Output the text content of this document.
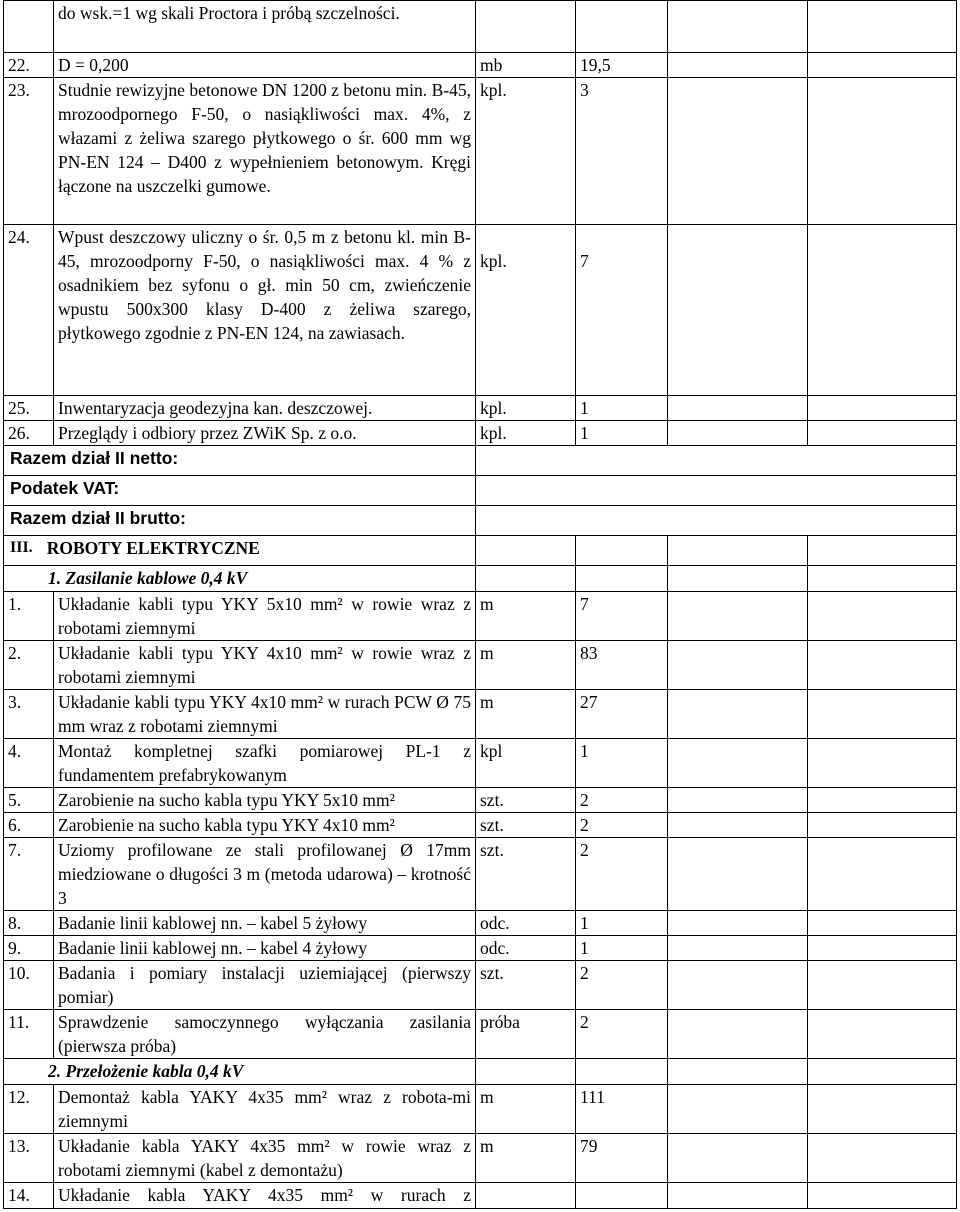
	do wsk.=1 wg skali Proctora i próbą szczelności.				
22.	D = 0,200	mb	19,5		
23.	Studnie rewizyjne betonowe DN 1200 z betonu min. B-45, mrozoodpornego F-50, o nasiąkliwości max. 4%, z włazami z żeliwa szarego płytkowego o śr. 600 mm wg PN-EN 124 – D400 z wypełnieniem betonowym. Kręgi łączone na uszczelki gumowe.	kpl.	3		
24.	Wpust deszczowy uliczny o śr. 0,5 m z betonu kl. min B-45, mrozoodporny F-50, o nasiąkliwości max. 4 % z osadnikiem bez syfonu o gł. min 50 cm, zwieńczenie wpustu 500x300 klasy D-400 z żeliwa szarego, płytkowego zgodnie z PN-EN 124, na zawiasach.	kpl.	7		
25.	Inwentaryzacja geodezyjna kan. deszczowej.	kpl.	1		
26.	Przeglądy i odbiory przez ZWiK Sp. z o.o.	kpl.	1		
Razem dział II netto:					
Podatek VAT:					
Razem dział II brutto:					
III. ROBOTY ELEKTRYCZNE					
1. Zasilanie kablowe 0,4 kV					
1.	Układanie kabli typu YKY 5x10 mm² w rowie wraz z robotami ziemnymi	m	7		
2.	Układanie kabli typu YKY 4x10 mm² w rowie wraz z robotami ziemnymi	m	83		
3.	Układanie kabli typu YKY 4x10 mm² w rurach PCW Ø 75 mm wraz z robotami ziemnymi	m	27		
4.	Montaż kompletnej szafki pomiarowej PL-1 z fundamentem prefabrykowanym	kpl	1		
5.	Zarobienie na sucho kabla typu YKY 5x10 mm²	szt.	2		
6.	Zarobienie na sucho kabla typu YKY 4x10 mm²	szt.	2		
7.	Uziomy profilowane ze stali profilowanej Ø 17mm miedziowane o długości 3 m (metoda udarowa) – krotność 3	szt.	2		
8.	Badanie linii kablowej nn. – kabel 5 żyłowy	odc.	1		
9.	Badanie linii kablowej nn. – kabel 4 żyłowy	odc.	1		
10.	Badania i pomiary instalacji uziemiającej (pierwszy pomiar)	szt.	2		
11.	Sprawdzenie samoczynnego wyłączania zasilania (pierwsza próba)	próba	2		
2. Przełożenie kabla 0,4 kV					
12.	Demontaż kabla YAKY 4x35 mm² wraz z robota-mi ziemnymi	m	111		
13.	Układanie kabla YAKY 4x35 mm² w rowie wraz z robotami ziemnymi (kabel z demontażu)	m	79		
14.	Układanie kabla YAKY 4x35 mm² w rurach z				
